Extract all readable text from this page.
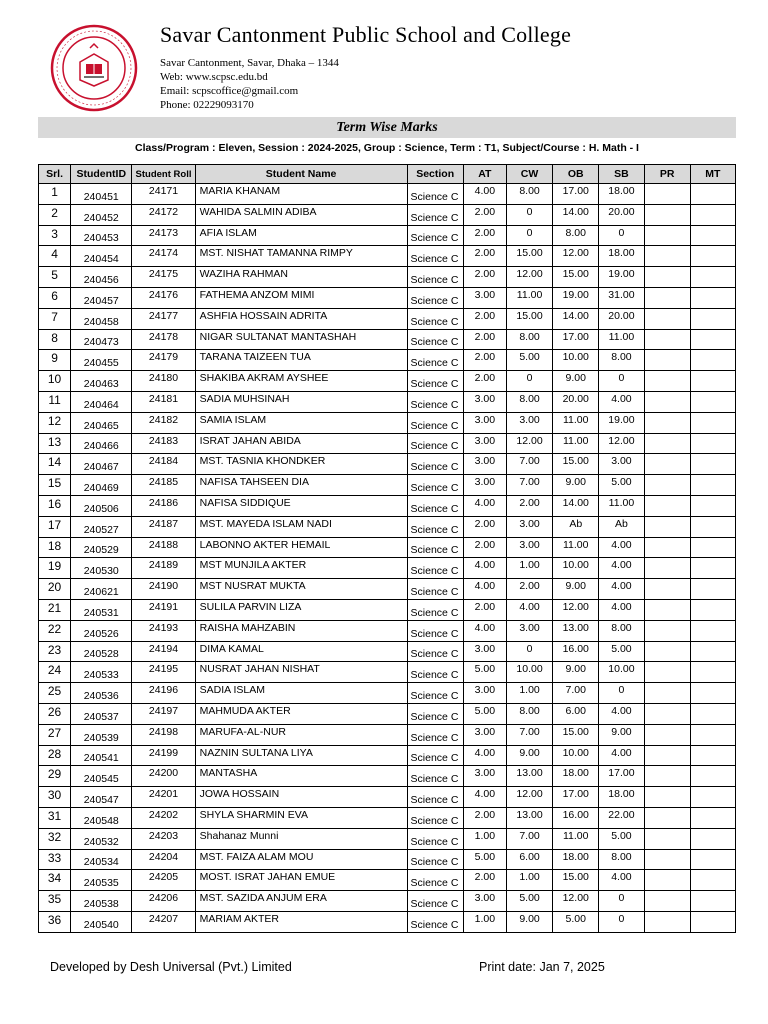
Savar Cantonment Public School and College
Savar Cantonment, Savar, Dhaka – 1344
Web: www.scpsc.edu.bd
Email: scpscoffice@gmail.com
Phone: 02229093170
Term Wise Marks
Class/Program : Eleven, Session : 2024-2025, Group : Science, Term : T1, Subject/Course : H. Math - I
Srl.	StudentID	Student Roll	Student Name	Section	AT	CW	OB	SB	PR	MT
1	240451	24171	MARIA KHANAM	Science C	4.00	8.00	17.00	18.00		
2	240452	24172	WAHIDA SALMIN ADIBA	Science C	2.00	0	14.00	20.00		
3	240453	24173	AFIA ISLAM	Science C	2.00	0	8.00	0		
4	240454	24174	MST. NISHAT TAMANNA RIMPY	Science C	2.00	15.00	12.00	18.00		
5	240456	24175	WAZIHA RAHMAN	Science C	2.00	12.00	15.00	19.00		
6	240457	24176	FATHEMA ANZOM MIMI	Science C	3.00	11.00	19.00	31.00		
7	240458	24177	ASHFIA HOSSAIN ADRITA	Science C	2.00	15.00	14.00	20.00		
8	240473	24178	NIGAR SULTANAT MANTASHAH	Science C	2.00	8.00	17.00	11.00		
9	240455	24179	TARANA TAIZEEN TUA	Science C	2.00	5.00	10.00	8.00		
10	240463	24180	SHAKIBA AKRAM AYSHEE	Science C	2.00	0	9.00	0		
11	240464	24181	SADIA MUHSINAH	Science C	3.00	8.00	20.00	4.00		
12	240465	24182	SAMIA ISLAM	Science C	3.00	3.00	11.00	19.00		
13	240466	24183	ISRAT JAHAN ABIDA	Science C	3.00	12.00	11.00	12.00		
14	240467	24184	MST. TASNIA KHONDKER	Science C	3.00	7.00	15.00	3.00		
15	240469	24185	NAFISA TAHSEEN DIA	Science C	3.00	7.00	9.00	5.00		
16	240506	24186	NAFISA SIDDIQUE	Science C	4.00	2.00	14.00	11.00		
17	240527	24187	MST. MAYEDA ISLAM NADI	Science C	2.00	3.00	Ab	Ab		
18	240529	24188	LABONNO AKTER HEMAIL	Science C	2.00	3.00	11.00	4.00		
19	240530	24189	MST MUNJILA AKTER	Science C	4.00	1.00	10.00	4.00		
20	240621	24190	MST NUSRAT MUKTA	Science C	4.00	2.00	9.00	4.00		
21	240531	24191	SULILA PARVIN LIZA	Science C	2.00	4.00	12.00	4.00		
22	240526	24193	RAISHA MAHZABIN	Science C	4.00	3.00	13.00	8.00		
23	240528	24194	DIMA KAMAL	Science C	3.00	0	16.00	5.00		
24	240533	24195	NUSRAT JAHAN NISHAT	Science C	5.00	10.00	9.00	10.00		
25	240536	24196	SADIA ISLAM	Science C	3.00	1.00	7.00	0		
26	240537	24197	MAHMUDA AKTER	Science C	5.00	8.00	6.00	4.00		
27	240539	24198	MARUFA-AL-NUR	Science C	3.00	7.00	15.00	9.00		
28	240541	24199	NAZNIN SULTANA LIYA	Science C	4.00	9.00	10.00	4.00		
29	240545	24200	MANTASHA	Science C	3.00	13.00	18.00	17.00		
30	240547	24201	JOWA HOSSAIN	Science C	4.00	12.00	17.00	18.00		
31	240548	24202	SHYLA SHARMIN EVA	Science C	2.00	13.00	16.00	22.00		
32	240532	24203	Shahanaz Munni	Science C	1.00	7.00	11.00	5.00		
33	240534	24204	MST. FAIZA ALAM MOU	Science C	5.00	6.00	18.00	8.00		
34	240535	24205	MOST. ISRAT JAHAN EMUE	Science C	2.00	1.00	15.00	4.00		
35	240538	24206	MST. SAZIDA ANJUM ERA	Science C	3.00	5.00	12.00	0		
36	240540	24207	MARIAM AKTER	Science C	1.00	9.00	5.00	0		
Developed by Desh Universal (Pvt.) Limited	Print date: Jan 7, 2025
